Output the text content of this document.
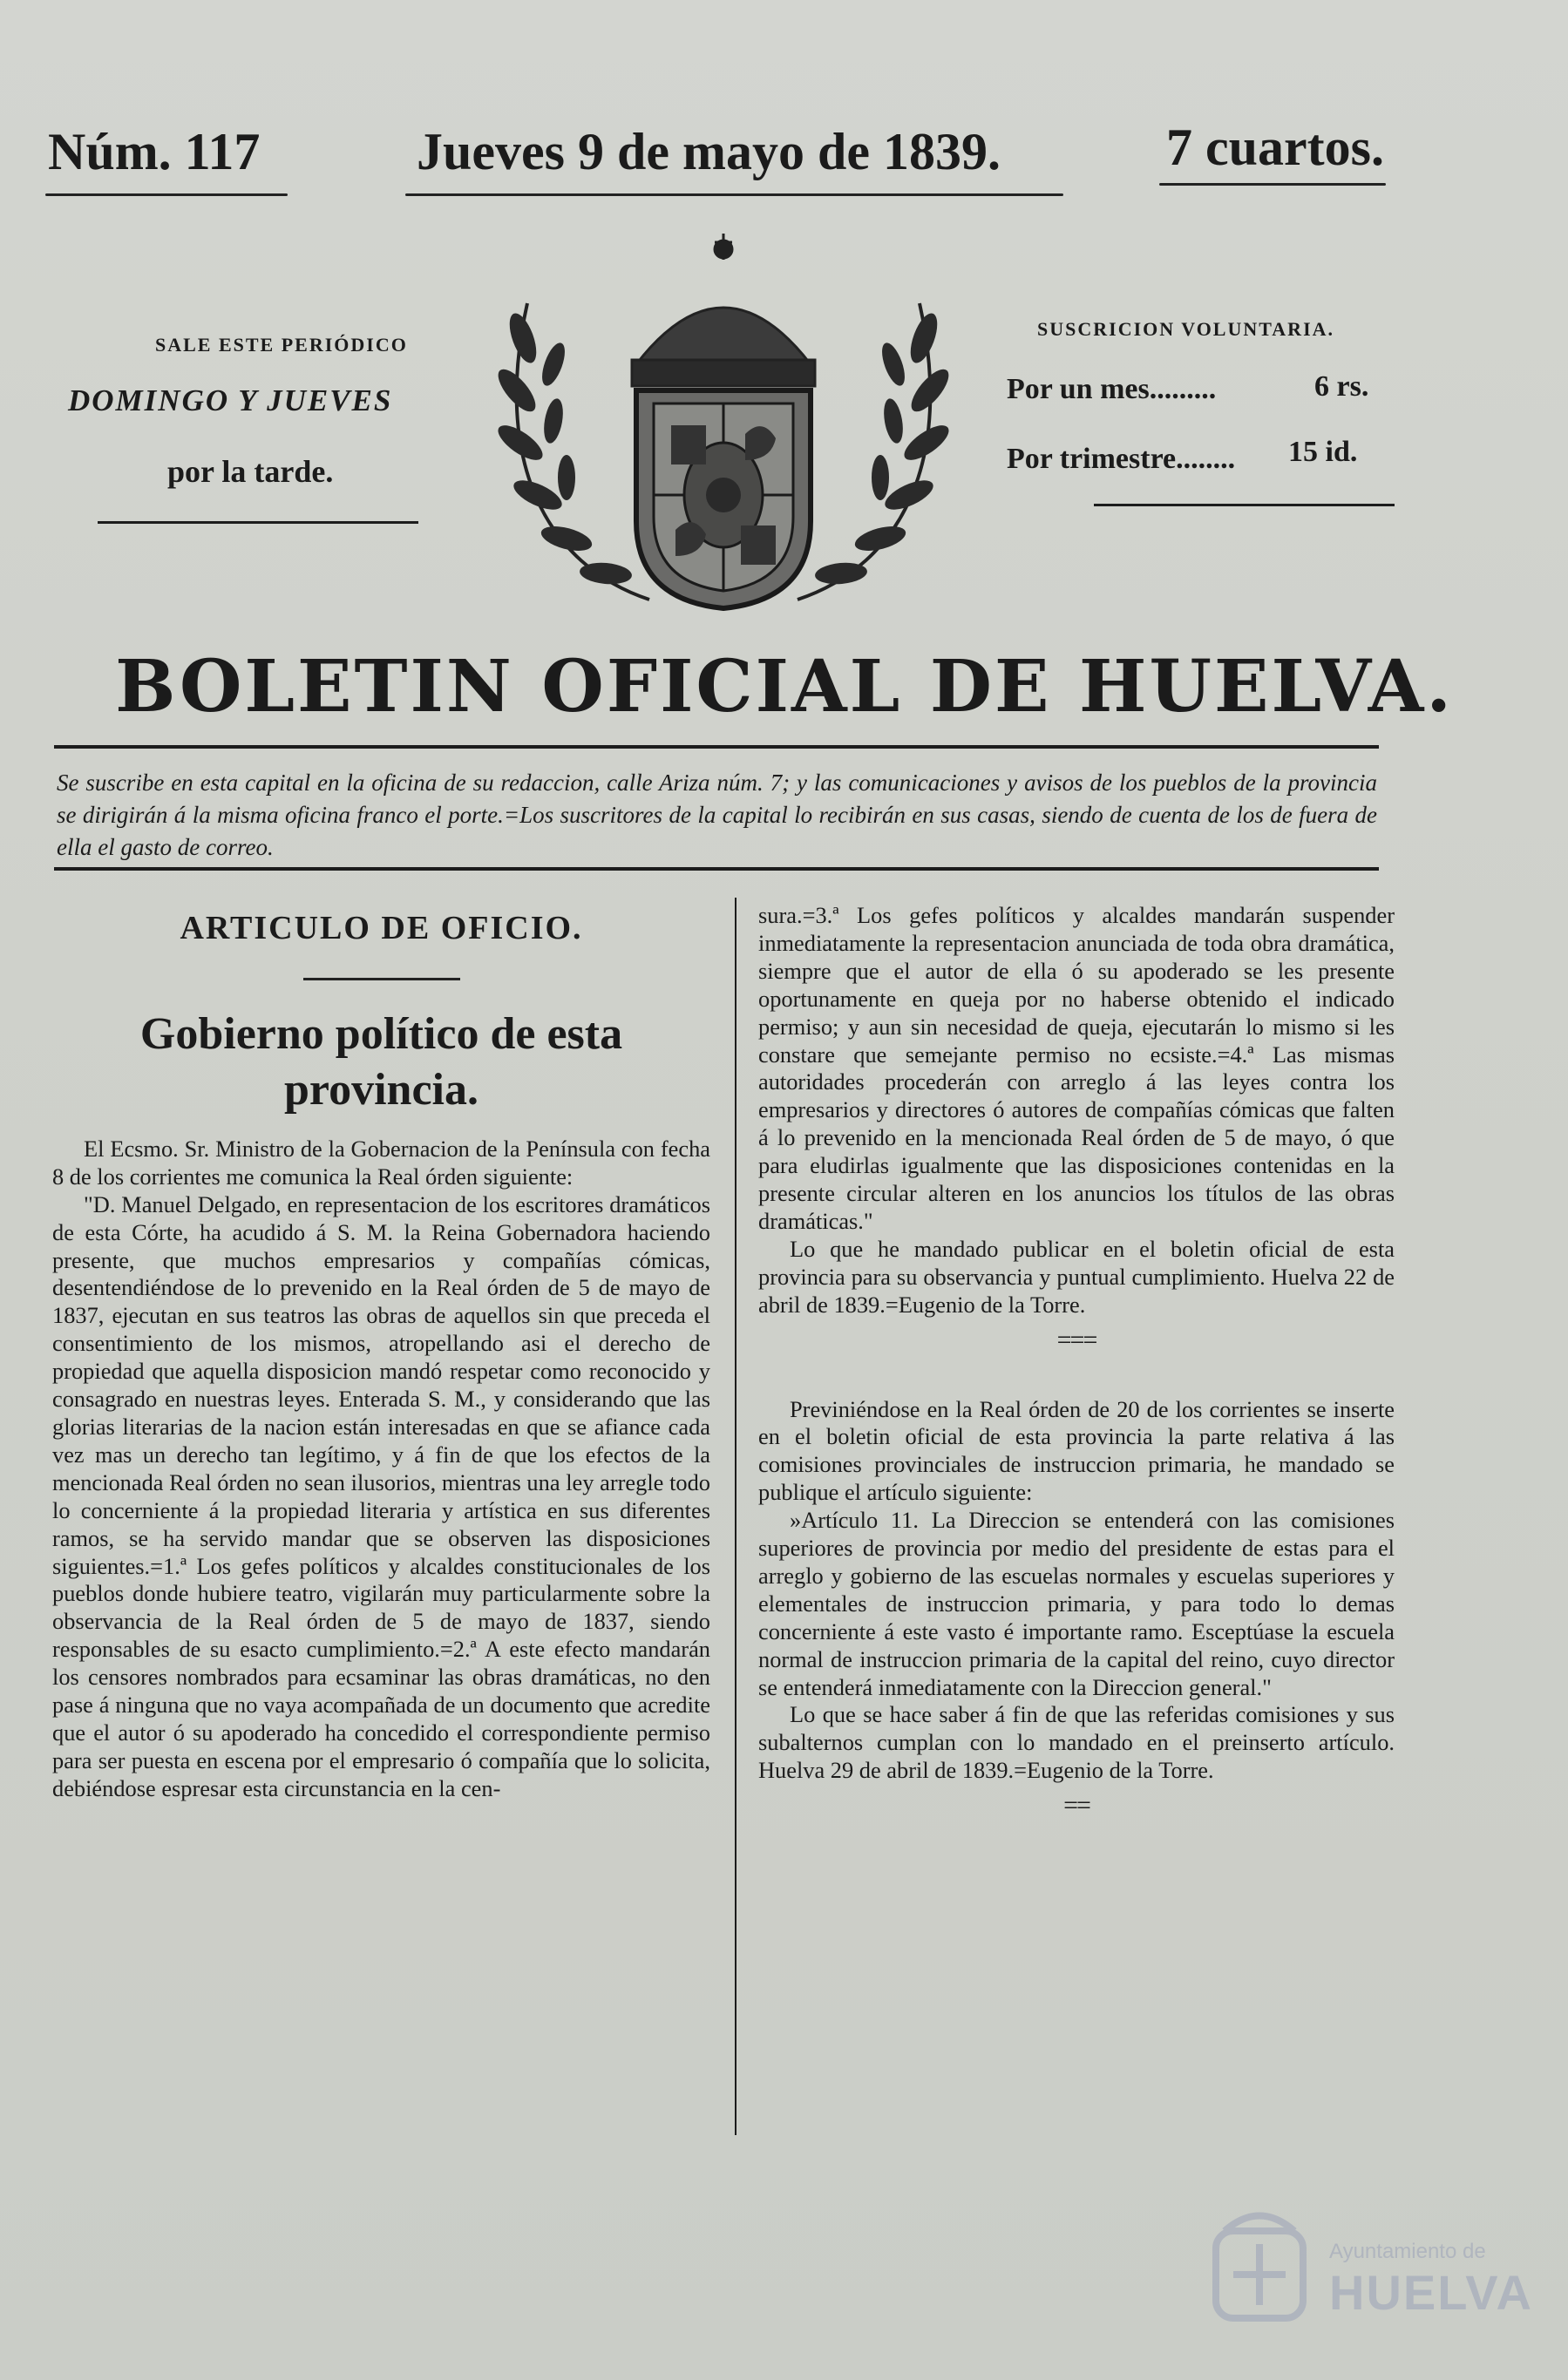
Núm. 117	Jueves 9 de mayo de 1839.	7 cuartos.
SALE ESTE PERIÓDICO
DOMINGO Y JUEVES
por la tarde.
SUSCRICION VOLUNTARIA.
Por un mes.........	6 rs.
Por trimestre........ 15 id.
BOLETIN OFICIAL DE HUELVA.
Se suscribe en esta capital en la oficina de su redaccion, calle Ariza núm. 7; y las comunicaciones y avisos de los pueblos de la provincia se dirigirán á la misma oficina franco el porte.=Los suscritores de la capital lo recibirán en sus casas, siendo de cuenta de los de fuera de ella el gasto de correo.
ARTICULO DE OFICIO.
Gobierno político de esta
provincia.

El Ecsmo. Sr. Ministro de la Gobernacion de la Península con fecha 8 de los corrientes me comunica la Real órden siguiente:

"D. Manuel Delgado, en representacion de los escritores dramáticos de esta Córte, ha acudido á S. M. la Reina Gobernadora haciendo presente, que muchos empresarios y compañías cómicas, desentendiéndose de lo prevenido en la Real órden de 5 de mayo de 1837, ejecutan en sus teatros las obras de aquellos sin que preceda el consentimiento de los mismos, atropellando asi el derecho de propiedad que aquella disposicion mandó respetar como reconocido y consagrado en nuestras leyes. Enterada S. M., y considerando que las glorias literarias de la nacion están interesadas en que se afiance cada vez mas un derecho tan legítimo, y á fin de que los efectos de la mencionada Real órden no sean ilusorios, mientras una ley arregle todo lo concerniente á la propiedad literaria y artística en sus diferentes ramos, se ha servido mandar que se observen las disposiciones siguientes.=1.ª Los gefes políticos y alcaldes constitucionales de los pueblos donde hubiere teatro, vigilarán muy particularmente sobre la observancia de la Real órden de 5 de mayo de 1837, siendo responsables de su esacto cumplimiento.=2.ª A este efecto mandarán los censores nombrados para ecsaminar las obras dramáticas, no den pase á ninguna que no vaya acompañada de un documento que acredite que el autor ó su apoderado ha concedido el correspondiente permiso para ser puesta en escena por el empresario ó compañía que lo solicita, debiéndose espresar esta circunstancia en la cen-

sura.=3.ª Los gefes políticos y alcaldes mandarán suspender inmediatamente la representacion anunciada de toda obra dramática, siempre que el autor de ella ó su apoderado se les presente oportunamente en queja por no haberse obtenido el indicado permiso; y aun sin necesidad de queja, ejecutarán lo mismo si les constare que semejante permiso no ecsiste.=4.ª Las mismas autoridades procederán con arreglo á las leyes contra los empresarios y directores ó autores de compañías cómicas que falten á lo prevenido en la mencionada Real órden de 5 de mayo, ó que para eludirlas igualmente que las disposiciones contenidas en la presente circular alteren en los anuncios los títulos de las obras dramáticas."

Lo que he mandado publicar en el boletin oficial de esta provincia para su observancia y puntual cumplimiento. Huelva 22 de abril de 1839.=Eugenio de la Torre.

===

Previniéndose en la Real órden de 20 de los corrientes se inserte en el boletin oficial de esta provincia la parte relativa á las comisiones provinciales de instruccion primaria, he mandado se publique el artículo siguiente:

»Artículo 11. La Direccion se entenderá con las comisiones superiores de provincia por medio del presidente de estas para el arreglo y gobierno de las escuelas normales y escuelas superiores y elementales de instruccion primaria, y para todo lo demas concerniente á este vasto é importante ramo. Esceptúase la escuela normal de instruccion primaria de la capital del reino, cuyo director se entenderá inmediatamente con la Direccion general."

Lo que se hace saber á fin de que las referidas comisiones y sus subalternos cumplan con lo mandado en el preinserto artículo. Huelva 29 de abril de 1839.=Eugenio de la Torre.

==
Ayuntamiento de
HUELVA
